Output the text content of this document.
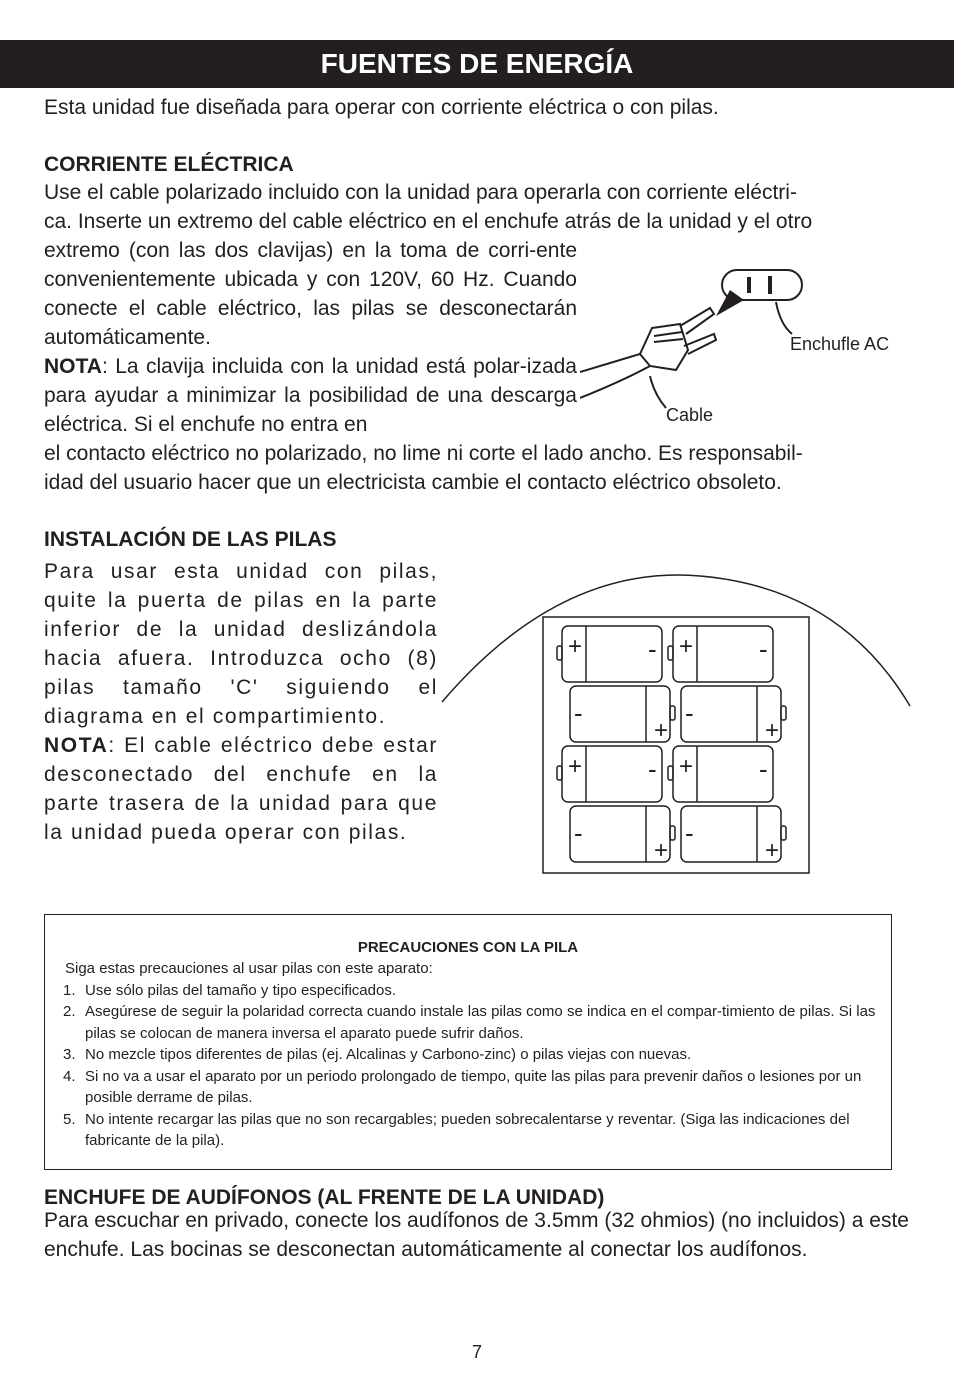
FUENTES DE ENERGÍA

Esta unidad fue diseñada para operar con corriente eléctrica o con pilas.

CORRIENTE ELÉCTRICA

Use el cable polarizado incluido con la unidad para operarla con corriente eléctri-

ca. Inserte un extremo del cable eléctrico en el enchufe atrás de la unidad y el otro

extremo (con las dos clavijas) en la toma de corri-ente convenientemente ubicada y con 120V, 60 Hz. Cuando conecte el cable eléctrico, las pilas se desconectarán automáticamente.
NOTA: La clavija incluida con la unidad está polar-izada para ayudar a minimizar la posibilidad de una descarga eléctrica. Si el enchufe no entra en

el contacto eléctrico no polarizado, no lime ni corte el lado ancho. Es responsabil-

idad del usuario hacer que un electricista cambie el contacto eléctrico obsoleto.

Enchufle AC
Cable

INSTALACIÓN DE LAS PILAS

Para usar esta unidad con pilas, quite la puerta de pilas en la parte inferior de la unidad deslizándola hacia afuera. Introduzca ocho (8) pilas tamaño 'C' siguiendo el diagrama en el compartimiento.
NOTA: El cable eléctrico debe estar desconectado del enchufe en la parte trasera de la unidad para que la unidad pueda operar con pilas.
+	- +	-
+
-
+
-
+	- +	-
+
-
+
-
PRECAUCIONES CON LA PILA
Siga estas precauciones al usar pilas con este aparato:
1. Use sólo pilas del tamaño y tipo especificados.
2. Asegúrese de seguir la polaridad correcta cuando instale las pilas como se indica en el compar-timiento de pilas. Si las pilas se colocan de manera inversa el aparato puede sufrir daños.
3. No mezcle tipos diferentes de pilas (ej. Alcalinas y Carbono-zinc) o pilas viejas con nuevas.
4. Si no va a usar el aparato por un periodo prolongado de tiempo, quite las pilas para prevenir daños o lesiones por un posible derrame de pilas.
5. No intente recargar las pilas que no son recargables; pueden sobrecalentarse y reventar. (Siga las indicaciones del fabricante de la pila).

ENCHUFE DE AUDÍFONOS (AL FRENTE DE LA UNIDAD)

Para escuchar en privado, conecte los audífonos de 3.5mm (32 ohmios) (no incluidos) a este enchufe. Las bocinas se desconectan automáticamente al conectar los audífonos.

7
